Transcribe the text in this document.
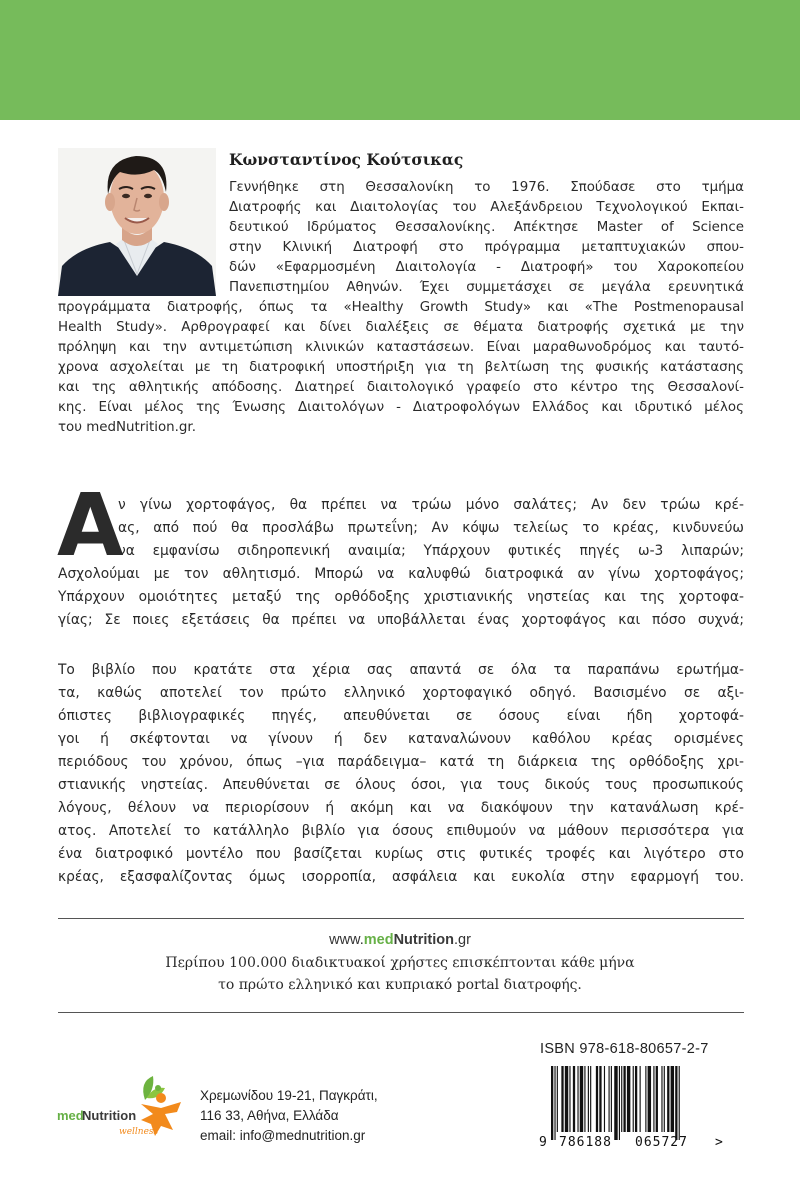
Κωνσταντίνος Κούτσικας
Γεννήθηκε στη Θεσσαλονίκη το 1976. Σπούδασε στο τμήμα
Διατροφής και Διαιτολογίας του Αλεξάνδρειου Τεχνολογικού Εκπαι-
δευτικού Ιδρύματος Θεσσαλονίκης. Απέκτησε Master of Science
στην Κλινική Διατροφή στο πρόγραμμα μεταπτυχιακών σπου-
δών «Εφαρμοσμένη Διαιτολογία - Διατροφή» του Χαροκοπείου
Πανεπιστημίου Αθηνών. Έχει συμμετάσχει σε μεγάλα ερευνητικά
προγράμματα διατροφής, όπως τα «Healthy Growth Study» και «The Postmenopausal
Health Study». Αρθρογραφεί και δίνει διαλέξεις σε θέματα διατροφής σχετικά με την
πρόληψη και την αντιμετώπιση κλινικών καταστάσεων. Είναι μαραθωνοδρόμος και ταυτό-
χρονα ασχολείται με τη διατροφική υποστήριξη για τη βελτίωση της φυσικής κατάστασης
και της αθλητικής απόδοσης. Διατηρεί διαιτολογικό γραφείο στο κέντρο της Θεσσαλονί-
κης. Είναι μέλος της Ένωσης Διαιτολόγων - Διατροφολόγων Ελλάδος και ιδρυτικό μέλος
του medNutrition.gr.
Α
ν γίνω χορτοφάγος, θα πρέπει να τρώω μόνο σαλάτες; Αν δεν τρώω κρέ-
ας, από πού θα προσλάβω πρωτεΐνη; Αν κόψω τελείως το κρέας, κινδυνεύω
να εμφανίσω σιδηροπενική αναιμία; Υπάρχουν φυτικές πηγές ω-3 λιπαρών;
Ασχολούμαι με τον αθλητισμό. Μπορώ να καλυφθώ διατροφικά αν γίνω χορτοφάγος;
Υπάρχουν ομοιότητες μεταξύ της ορθόδοξης χριστιανικής νηστείας και της χορτοφα-
γίας; Σε ποιες εξετάσεις θα πρέπει να υποβάλλεται ένας χορτοφάγος και πόσο συχνά;
Το βιβλίο που κρατάτε στα χέρια σας απαντά σε όλα τα παραπάνω ερωτήμα-
τα, καθώς αποτελεί τον πρώτο ελληνικό χορτοφαγικό οδηγό. Βασισμένο σε αξι-
όπιστες βιβλιογραφικές πηγές, απευθύνεται σε όσους είναι ήδη χορτοφά-
γοι ή σκέφτονται να γίνουν ή δεν καταναλώνουν καθόλου κρέας ορισμένες
περιόδους του χρόνου, όπως –για παράδειγμα– κατά τη διάρκεια της ορθόδοξης χρι-
στιανικής νηστείας. Απευθύνεται σε όλους όσοι, για τους δικούς τους προσωπικούς
λόγους, θέλουν να περιορίσουν ή ακόμη και να διακόψουν την κατανάλωση κρέ-
ατος. Αποτελεί το κατάλληλο βιβλίο για όσους επιθυμούν να μάθουν περισσότερα για
ένα διατροφικό μοντέλο που βασίζεται κυρίως στις φυτικές τροφές και λιγότερο στο
κρέας, εξασφαλίζοντας όμως ισορροπία, ασφάλεια και ευκολία στην εφαρμογή του.
www.medNutrition.gr
Περίπου 100.000 διαδικτυακοί χρήστες επισκέπτονται κάθε μήνα
το πρώτο ελληνικό και κυπριακό portal διατροφής.
med
Nutrition
wellness
Χρεμωνίδου 19-21, Παγκράτι,
116 33, Αθήνα, Ελλάδα
email: info@mednutrition.gr
ISBN 978-618-80657-2-7
9 786188 065727 >
